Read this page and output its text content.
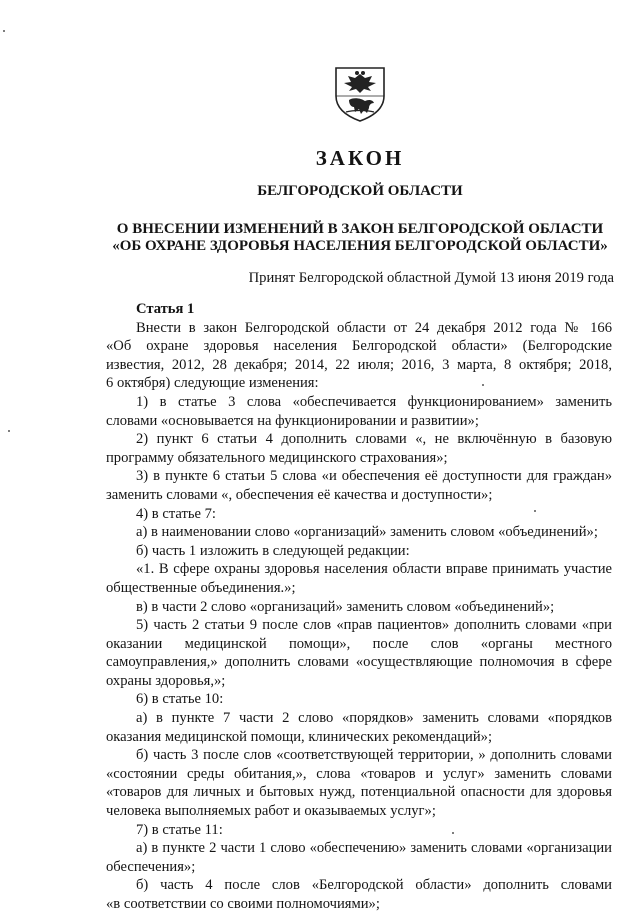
ЗАКОН
БЕЛГОРОДСКОЙ ОБЛАСТИ
О ВНЕСЕНИИ ИЗМЕНЕНИЙ В ЗАКОН БЕЛГОРОДСКОЙ ОБЛАСТИ
«ОБ ОХРАНЕ ЗДОРОВЬЯ НАСЕЛЕНИЯ БЕЛГОРОДСКОЙ ОБЛАСТИ»
Принят Белгородской областной Думой 13 июня 2019 года
Статья 1
Внести в закон Белгородской области от 24 декабря 2012 года № 166
«Об охране здоровья населения Белгородской области» (Белгородские
известия, 2012, 28 декабря; 2014, 22 июля; 2016, 3 марта, 8 октября; 2018,
6 октября) следующие изменения:
1) в статье 3 слова «обеспечивается функционированием» заменить
словами «основывается на функционировании и развитии»;
2) пункт 6 статьи 4 дополнить словами «, не включённую в базовую
программу обязательного медицинского страхования»;
3) в пункте 6 статьи 5 слова «и обеспечения её доступности для граждан»
заменить словами «, обеспечения её качества и доступности»;
4) в статье 7:
а) в наименовании слово «организаций» заменить словом «объединений»;
б) часть 1 изложить в следующей редакции:
«1. В сфере охраны здоровья населения области вправе принимать участие
общественные объединения.»;
в) в части 2 слово «организаций» заменить словом «объединений»;
5) часть 2 статьи 9 после слов «прав пациентов» дополнить словами «при
оказании медицинской помощи», после слов «органы местного
самоуправления,» дополнить словами «осуществляющие полномочия в сфере
охраны здоровья,»;
6) в статье 10:
а) в пункте 7 части 2 слово «порядков» заменить словами «порядков
оказания медицинской помощи, клинических рекомендаций»;
б) часть 3 после слов «соответствующей территории, » дополнить словами
«состоянии среды обитания,», слова «товаров и услуг» заменить словами
«товаров для личных и бытовых нужд, потенциальной опасности для здоровья
человека выполняемых работ и оказываемых услуг»;
7) в статье 11:
а) в пункте 2 части 1 слово «обеспечению» заменить словами «организации
обеспечения»;
б) часть 4 после слов «Белгородской области» дополнить словами
«в соответствии со своими полномочиями»;
